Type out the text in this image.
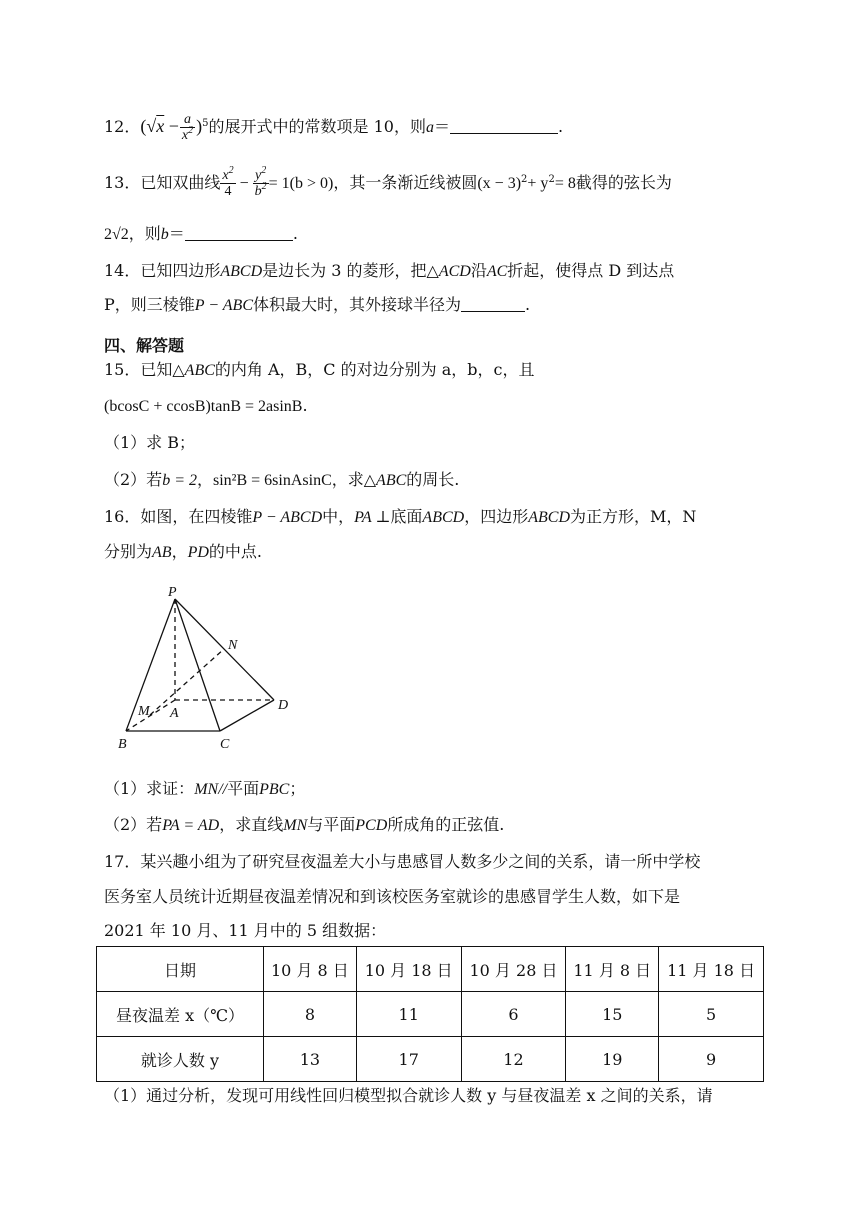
12．$(√x - \frac{a}{x^2} )^5$的展开式中的常数项是 10，则a＝	.
13．已知双曲线 $\frac{x^2}{4} - \frac{y^2}{b^2} = 1(b > 0)$，其一条渐近线被圆$(x - 3)^2+ y^2= 8$截得的弦长为
2√2，则b＝	.
14．已知四边形ABCD是边长为 3 的菱形，把△ACD沿AC折起，使得点 D 到达点
P，则三棱锥P − ABC体积最大时，其外接球半径为	.
四、解答题
15．已知△ABC的内角 A，B，C 的对边分别为 a，b，c，且
(bcosC + ccosB)tanB = 2asinB.
（1）求 B；
（2）若b = 2，sin²B = 6sinAsinC，求△ABC的周长.
16．如图，在四棱锥P − ABCD中，PA ⊥底面ABCD，四边形ABCD为正方形，M，N
分别为AB，PD的中点.
P
N
M A
D
B	C
（1）求证：MN//平面PBC；
（2）若PA = AD，求直线MN与平面PCD所成角的正弦值.
17．某兴趣小组为了研究昼夜温差大小与患感冒人数多少之间的关系，请一所中学校
医务室人员统计近期昼夜温差情况和到该校医务室就诊的患感冒学生人数，如下是
2021 年 10 月、11 月中的 5 组数据：
日期	10 月 8 日	10 月 18 日	10 月 28 日	11 月 8 日	11 月 18 日
昼夜温差 x（℃）	8	11	6	15	5
就诊人数 y	13	17	12	19	9
（1）通过分析，发现可用线性回归模型拟合就诊人数 y 与昼夜温差 x 之间的关系，请
